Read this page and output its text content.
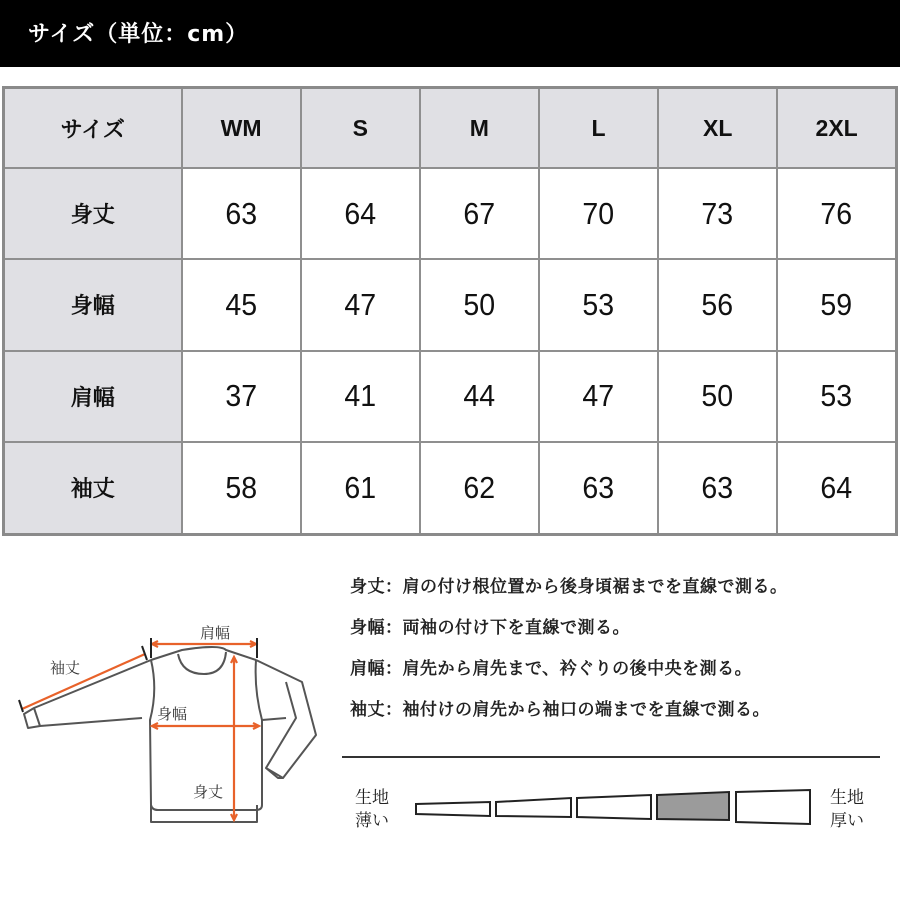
サイズ（単位：cm）
サイズ	WM	S	M	L	XL	2XL
身丈	63	64	67	70	73	76
身幅	45	47	50	53	56	59
肩幅	37	41	44	47	50	53
袖丈	58	61	62	63	63	64
肩幅
袖丈
身幅
身丈
身丈：肩の付け根位置から後身頃裾までを直線で測る。
身幅：両袖の付け下を直線で測る。
肩幅：肩先から肩先まで、衿ぐりの後中央を測る。
袖丈：袖付けの肩先から袖口の端までを直線で測る。
生地
薄い
生地
厚い
